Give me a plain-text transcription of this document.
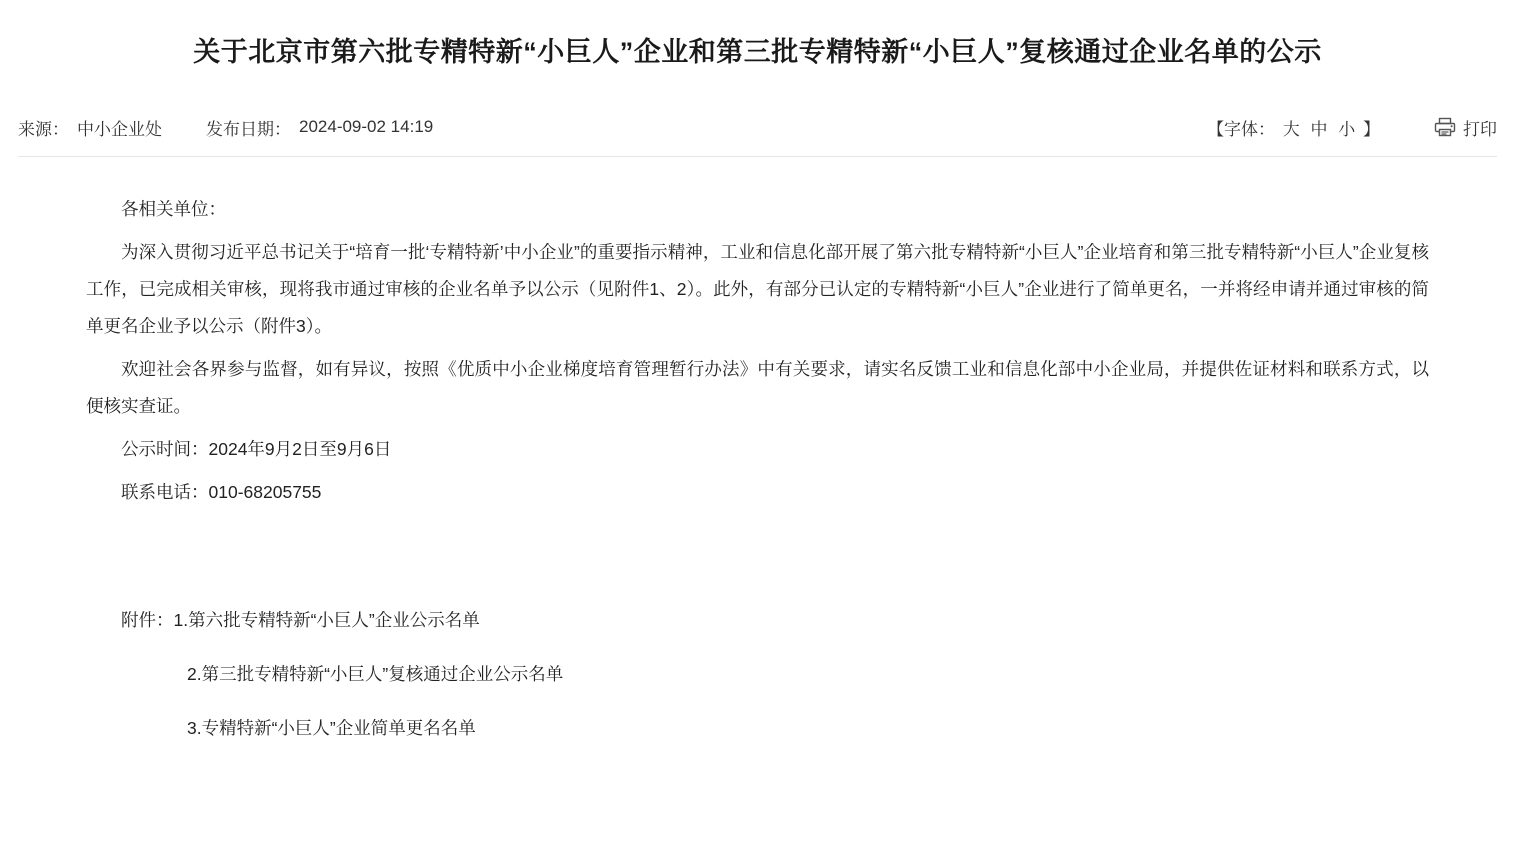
关于北京市第六批专精特新“小巨人”企业和第三批专精特新“小巨人”复核通过企业名单的公示
来源： 中小企业处	发布日期： 2024-09-02 14:19	【字体： 大 中 小 】	打印

各相关单位：

为深入贯彻习近平总书记关于“培育一批‘专精特新’中小企业”的重要指示精神，工业和信息化部开展了第六批专精特新“小巨人”企业培育和第三批专精特新“小巨人”企业复核工作，已完成相关审核，现将我市通过审核的企业名单予以公示（见附件1、2）。此外，有部分已认定的专精特新“小巨人”企业进行了简单更名，一并将经申请并通过审核的简单更名企业予以公示（附件3）。

欢迎社会各界参与监督，如有异议，按照《优质中小企业梯度培育管理暂行办法》中有关要求，请实名反馈工业和信息化部中小企业局，并提供佐证材料和联系方式，以便核实查证。

公示时间：2024年9月2日至9月6日

联系电话：010-68205755

附件：1.第六批专精特新“小巨人”企业公示名单
2.第三批专精特新“小巨人”复核通过企业公示名单
3.专精特新“小巨人”企业简单更名名单
